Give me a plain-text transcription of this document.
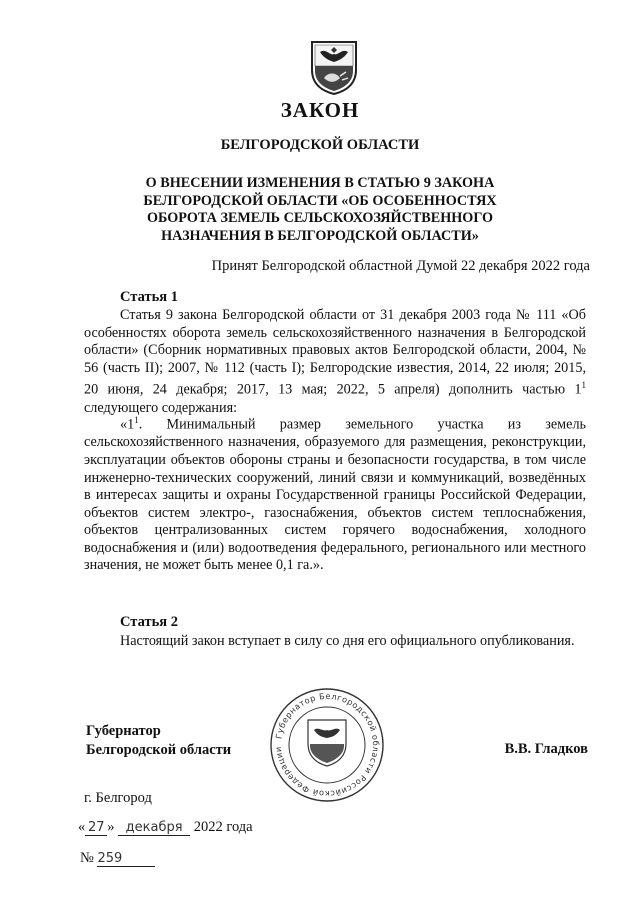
ЗАКОН
БЕЛГОРОДСКОЙ ОБЛАСТИ
О ВНЕСЕНИИ ИЗМЕНЕНИЯ В СТАТЬЮ 9 ЗАКОНА
БЕЛГОРОДСКОЙ ОБЛАСТИ «ОБ ОСОБЕННОСТЯХ
ОБОРОТА ЗЕМЕЛЬ СЕЛЬСКОХОЗЯЙСТВЕННОГО
НАЗНАЧЕНИЯ В БЕЛГОРОДСКОЙ ОБЛАСТИ»
Принят Белгородской областной Думой 22 декабря 2022 года
Статья 1
Статья 9 закона Белгородской области от 31 декабря 2003 года № 111 «Об особенностях оборота земель сельскохозяйственного назначения в Белгородской области» (Сборник нормативных правовых актов Белгородской области, 2004, № 56 (часть II); 2007, № 112 (часть I); Белгородские известия, 2014, 22 июля; 2015, 20 июня, 24 декабря; 2017, 13 мая; 2022, 5 апреля) дополнить частью $1^1$ следующего содержания:
«$1^1$. Минимальный размер земельного участка из земель сельскохозяйственного назначения, образуемого для размещения, реконструкции, эксплуатации объектов обороны страны и безопасности государства, в том числе инженерно-технических сооружений, линий связи и коммуникаций, возведённых в интересах защиты и охраны Государственной границы Российской Федерации, объектов систем электро-, газоснабжения, объектов систем теплоснабжения, объектов централизованных систем горячего водоснабжения, холодного водоснабжения и (или) водоотведения федерального, регионального или местного значения, не может быть менее 0,1 га.».
Статья 2
Настоящий закон вступает в силу со дня его официального опубликования.
Губернатор
Белгородской области
Губернатор Белгородской области Российской Федерации	В.В. Гладков
г. Белгород
« 27 » декабря 2022 года
№ 259
